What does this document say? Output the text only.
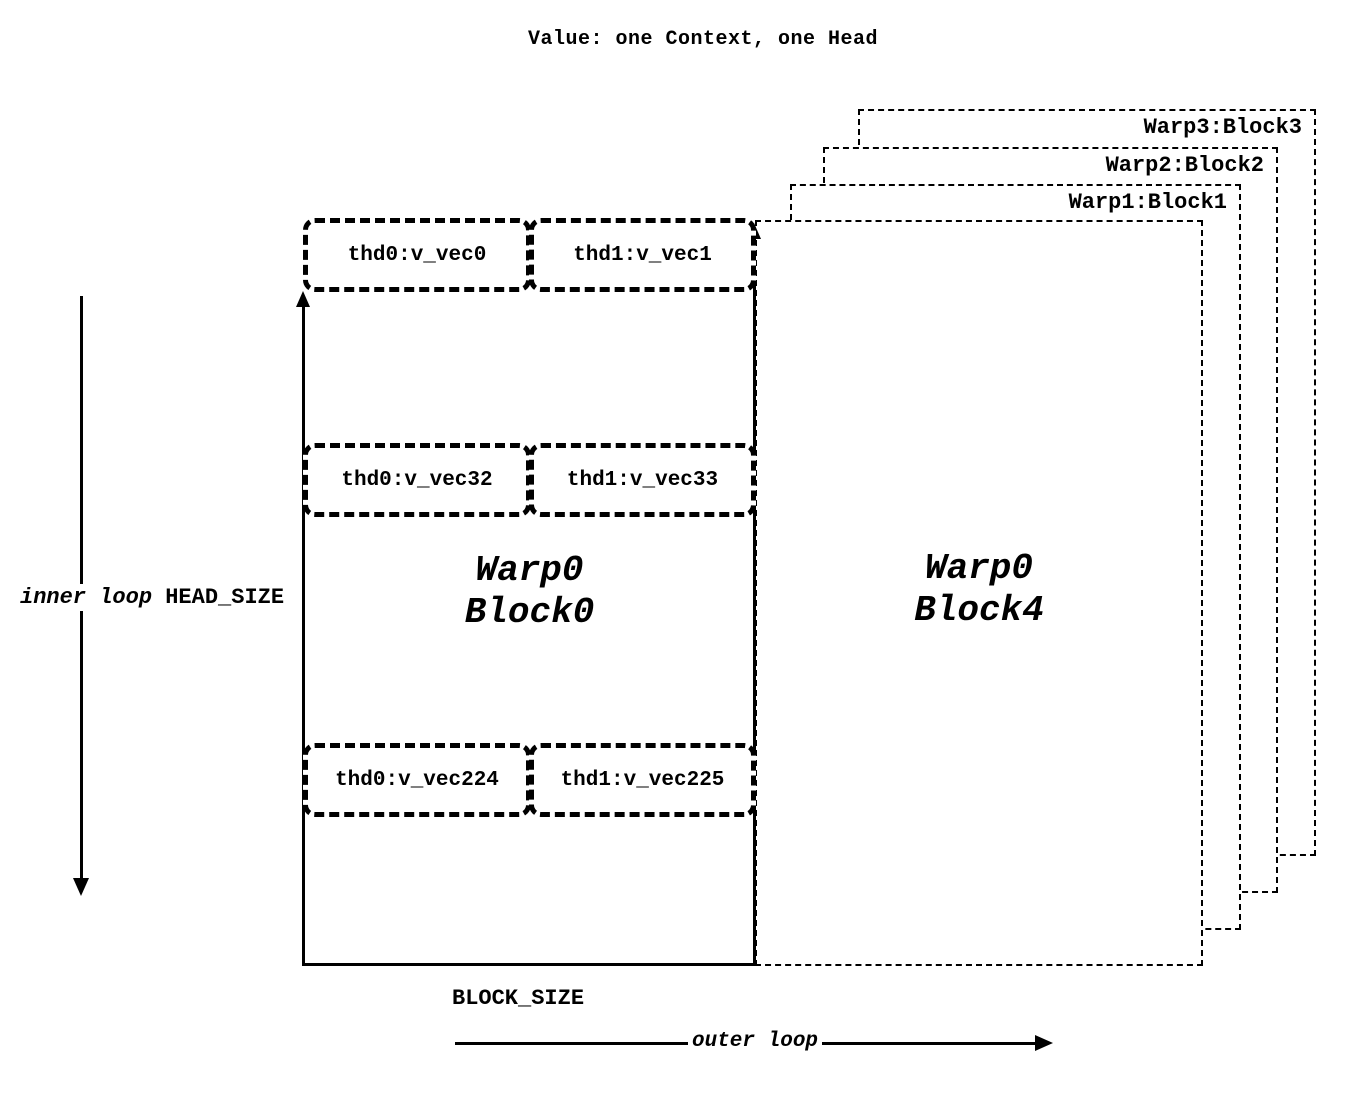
Value: one Context, one Head
Warp3:Block3
Warp2:Block2
Warp1:Block1
Warp0
Block4
Warp0
Block0
thd0:v_vec0	thd1:v_vec1
thd0:v_vec32	thd1:v_vec33
thd0:v_vec224	thd1:v_vec225
inner loop HEAD_SIZE
BLOCK_SIZE
outer loop
